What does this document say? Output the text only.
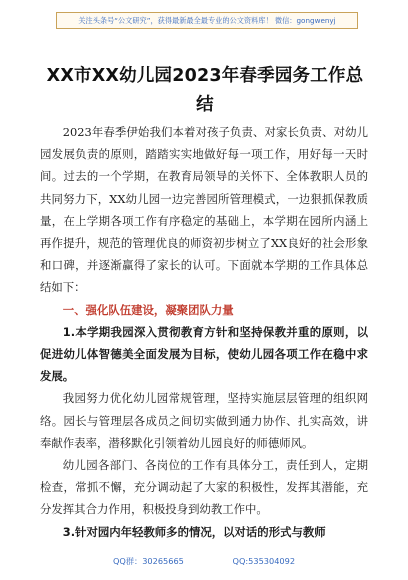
关注头条号“公文研究”，获得最新最全最专业的公文资料库！ 微信：gongwenyj
XX市XX幼儿园2023年春季园务工作总结

2023年春季伊始我们本着对孩子负责、对家长负责、对幼儿园发展负责的原则，踏踏实实地做好每一项工作，用好每一天时间。过去的一个学期，在教育局领导的关怀下、全体教职人员的共同努力下，XX幼儿园一边完善园所管理模式，一边狠抓保教质量，在上学期各项工作有序稳定的基础上，本学期在园所内涵上再作提升，规范的管理优良的师资初步树立了XX良好的社会形象和口碑，并逐渐赢得了家长的认可。下面就本学期的工作具体总结如下：

一、强化队伍建设，凝聚团队力量

1.本学期我园深入贯彻教育方针和坚持保教并重的原则，以促进幼儿体智德美全面发展为目标，使幼儿园各项工作在稳中求发展。

我园努力优化幼儿园常规管理，坚持实施层层管理的组织网络。园长与管理层各成员之间切实做到通力协作、扎实高效，讲奉献作表率，潜移默化引领着幼儿园良好的师德师风。

幼儿园各部门、各岗位的工作有具体分工，责任到人，定期检查，常抓不懈，充分调动起了大家的积极性，发挥其潜能，充分发挥其合力作用，积极投身到幼教工作中。

3.针对园内年轻教师多的情况，以对话的形式与教师

QQ群：30265665	QQ:535304092
